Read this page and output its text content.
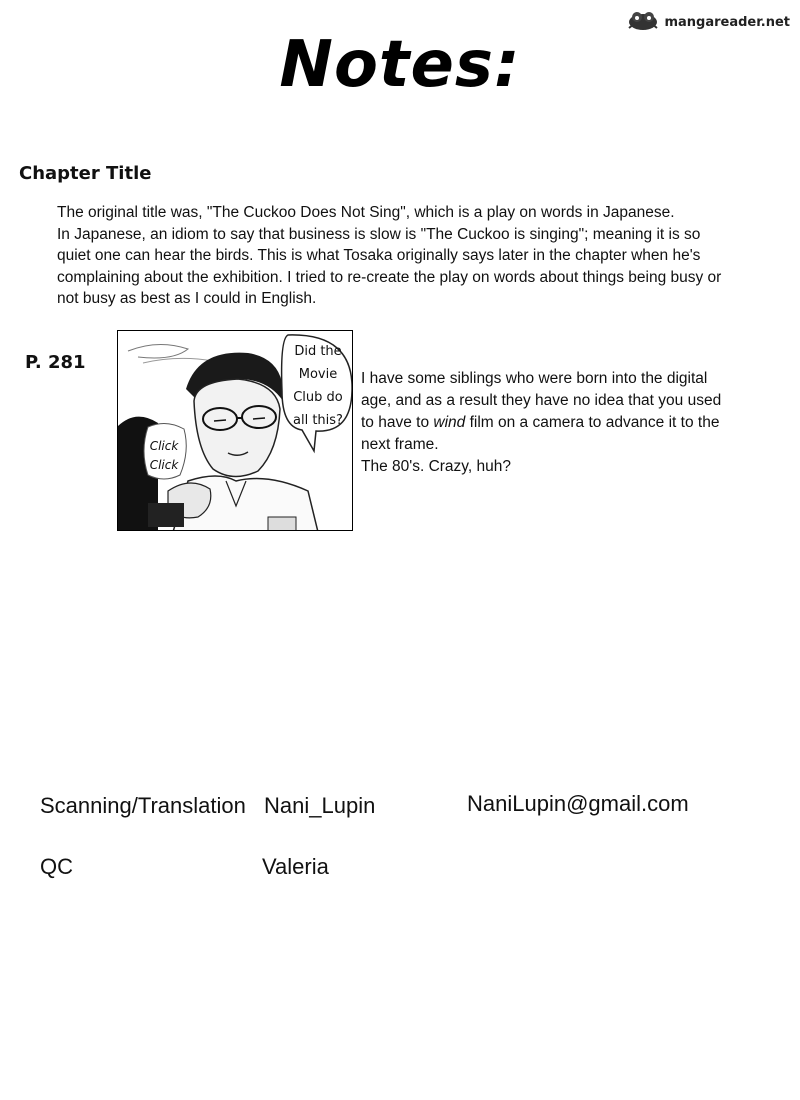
mangareader.net
Notes:
Chapter Title
The original title was, "The Cuckoo Does Not Sing", which is a play on words in Japanese.
In Japanese, an idiom to say that business is slow is "The Cuckoo is singing"; meaning it is so
quiet one can hear the birds. This is what Tosaka originally says later in the chapter when he's
complaining about the exhibition. I tried to re-create the play on words about things being busy or
not busy as best as I could in English.
P. 281
Did the
Movie
Club do
all this?
Click
Click
I have some siblings who were born into the digital
age, and as a result they have no idea that you used
to have to wind film on a camera to advance it to the
next frame.
The 80's. Crazy, huh?
Scanning/Translation Nani_Lupin	NaniLupin@gmail.com
QC	Valeria
